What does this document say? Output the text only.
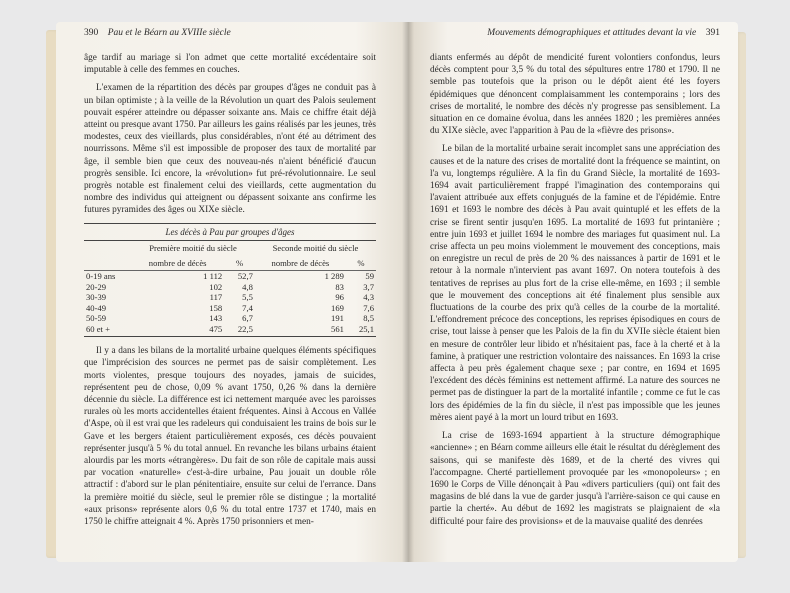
390 Pau et le Béarn au XVIIIe siècle

âge tardif au mariage si l'on admet que cette mortalité excédentaire soit imputable à celle des femmes en couches.

L'examen de la répartition des décès par groupes d'âges ne conduit pas à un bilan optimiste ; à la veille de la Révolution un quart des Palois seulement pouvait espérer atteindre ou dépasser soixante ans. Mais ce chiffre était déjà atteint ou presque avant 1750. Par ailleurs les gains réalisés par les jeunes, très modestes, ceux des vieillards, plus considérables, n'ont été au détriment des nourrissons. Même s'il est impossible de proposer des taux de mortalité par âge, il semble bien que ceux des nouveau-nés n'aient bénéficié d'aucun progrès sensible. Ici encore, la «révolution» fut pré-révolutionnaire. Le seul progrès notable est finalement celui des vieillards, cette augmentation du nombre des individus qui atteignent ou dépassent soixante ans confirme les futures pyramides des âges ou XIXe siècle.

Les décès à Pau par groupes d'âges
	Première moitié du siècle		Seconde moitié du siècle	
	nombre de décès	%	nombre de décès	%
0-19 ans	1 112	52,7	1 289	59
20-29	102	4,8	83	3,7
30-39	117	5,5	96	4,3
40-49	158	7,4	169	7,6
50-59	143	6,7	191	8,5
60 et +	475	22,5	561	25,1

Il y a dans les bilans de la mortalité urbaine quelques éléments spécifiques que l'imprécision des sources ne permet pas de saisir complètement. Les morts violentes, presque toujours des noyades, jamais de suicides, représentent peu de chose, 0,09 % avant 1750, 0,26 % dans la dernière décennie du siècle. La différence est ici nettement marquée avec les paroisses rurales où les morts accidentelles étaient fréquentes. Ainsi à Accous en Vallée d'Aspe, où il est vrai que les radeleurs qui conduisaient les trains de bois sur le Gave et les bergers étaient particulièrement exposés, ces décès pouvaient représenter jusqu'à 5 % du total annuel. En revanche les bilans urbains étaient alourdis par les morts «étrangères». Du fait de son rôle de capitale mais aussi par vocation «naturelle» c'est-à-dire urbaine, Pau jouait un double rôle attractif : d'abord sur le plan pénitentiaire, ensuite sur celui de l'errance. Dans la première moitié du siècle, seul le premier rôle se distingue ; la mortalité «aux prisons» représente alors 0,6 % du total entre 1737 et 1740, mais en 1750 le chiffre atteignait 4 %. Après 1750 prisonniers et men-

Mouvements démographiques et attitudes devant la vie 391

diants enfermés au dépôt de mendicité furent volontiers confondus, leurs décès comptent pour 3,5 % du total des sépultures entre 1780 et 1790. Il ne semble pas toutefois que la prison ou le dépôt aient été les foyers épidémiques que dénoncent complaisamment les contemporains ; lors des crises de mortalité, le nombre des décès n'y progresse pas sensiblement. La situation en ce domaine évolua, dans les années 1820 ; les premières années du XIXe siècle, avec l'apparition à Pau de la «fièvre des prisons».

Le bilan de la mortalité urbaine serait incomplet sans une appréciation des causes et de la nature des crises de mortalité dont la fréquence se maintint, on l'a vu, longtemps régulière. A la fin du Grand Siècle, la mortalité de 1693-1694 avait particulièrement frappé l'imagination des contemporains qui l'avaient attribuée aux effets conjugués de la famine et de l'épidémie. Entre 1691 et 1693 le nombre des décès à Pau avait quintuplé et les effets de la crise se firent sentir jusqu'en 1695. La mortalité de 1693 fut printanière ; entre juin 1693 et juillet 1694 le nombre des mariages fut quasiment nul. La crise affecta un peu moins violemment le mouvement des conceptions, mais on enregistre un recul de près de 20 % des naissances à partir de 1691 et le retour à la normale n'intervient pas avant 1697. On notera toutefois à des tentatives de reprises au plus fort de la crise elle-même, en 1693 ; il semble que le mouvement des conceptions ait été finalement plus sensible aux fluctuations de la courbe des prix qu'à celles de la courbe de la mortalité. L'effondrement précoce des conceptions, les reprises épisodiques en cours de crise, tout laisse à penser que les Palois de la fin du XVIIe siècle étaient bien en mesure de contrôler leur libido et n'hésitaient pas, face à la cherté et à la famine, à pratiquer une restriction volontaire des naissances. En 1693 la crise affecta à peu près également chaque sexe ; par contre, en 1694 et 1695 l'excédent des décès féminins est nettement affirmé. La nature des sources ne permet pas de distinguer la part de la mortalité infantile ; comme ce fut le cas lors des épidémies de la fin du siècle, il n'est pas impossible que les jeunes mères aient payé à la mort un lourd tribut en 1693.

La crise de 1693-1694 appartient à la structure démographique «ancienne» ; en Béarn comme ailleurs elle était le résultat du dérèglement des saisons, qui se manifeste dès 1689, et de la cherté des vivres qui l'accompagne. Cherté partiellement provoquée par les «monopoleurs» ; en 1690 le Corps de Ville dénonçait à Pau «divers particuliers (qui) ont fait des magasins de blé dans la vue de garder jusqu'à l'arrière-saison ce qui cause en partie la cherté». Au début de 1692 les magistrats se plaignaient de «la difficulté pour faire des provisions» et de la mauvaise qualité des denrées
